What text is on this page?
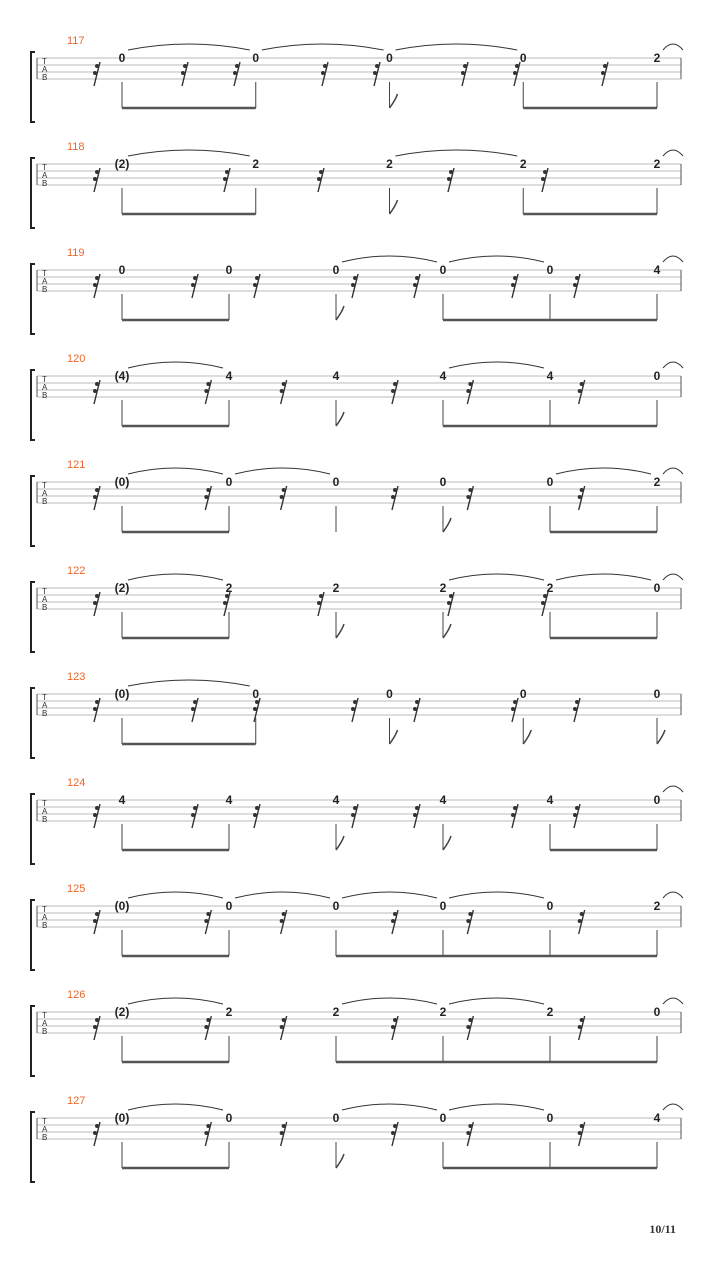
T
A
B
117
0	0	0	0	2
T
A
B
118
(2)	2	2	2	2
T
A
B
119
0	0	0	0	0	4
T
A
B
120
(4)	4	4	4	4	0
T
A
B
121
(0)	0	0	0	0	2
T
A
B
122
(2)	2	2	2	2	0
T
A
B
123
(0)	0	0	0	0
T
A
B
124
4	4	4	4	4	0
T
A
B
125
(0)	0	0	0	0	2
T
A
B
126
(2)	2	2	2	2	0
T
A
B
127
(0)	0	0	0	0	4
10/11
